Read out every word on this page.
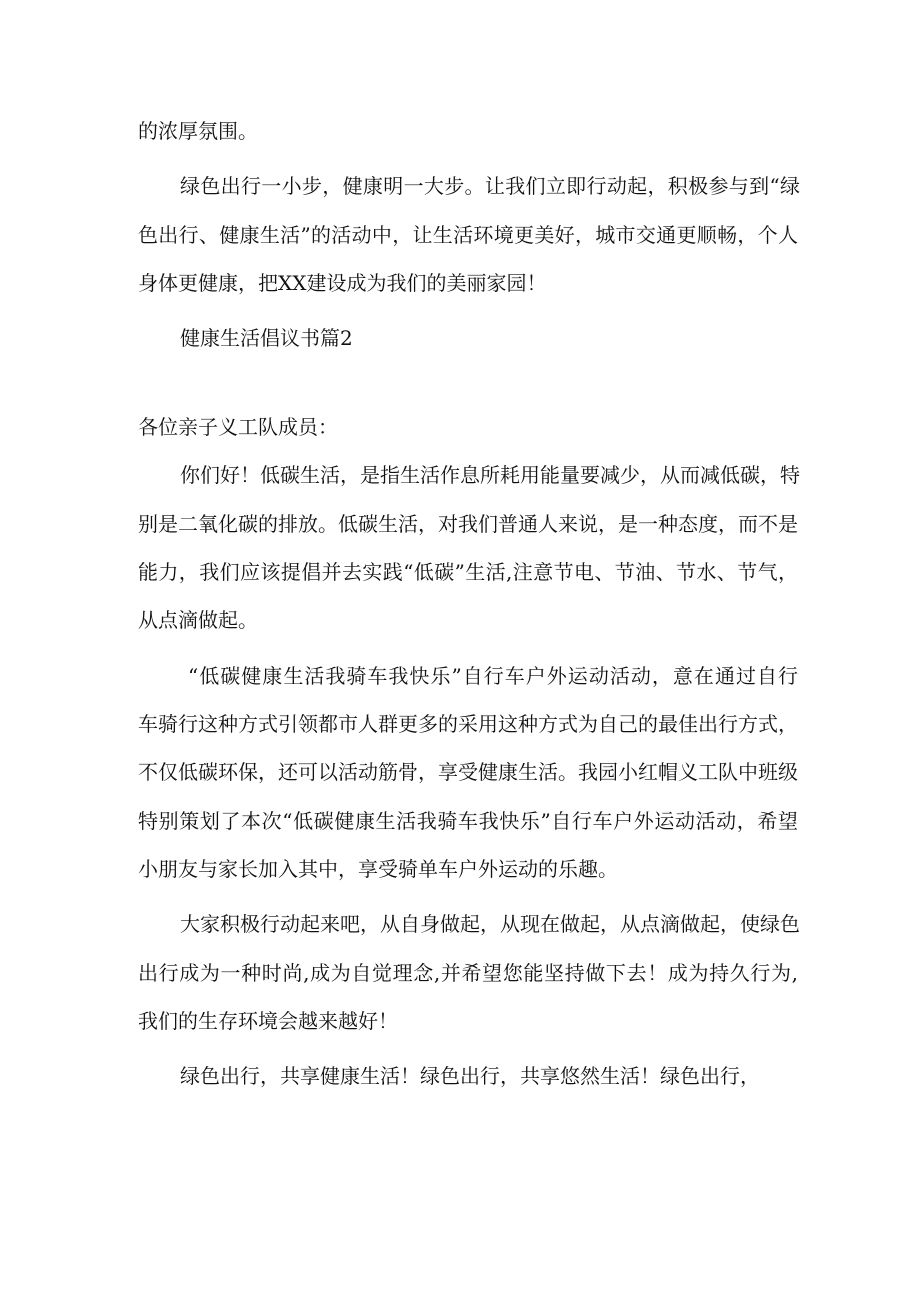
的浓厚氛围。
绿色出行一小步，健康明一大步。让我们立即行动起，积极参与到“绿
色出行、健康生活”的活动中，让生活环境更美好，城市交通更顺畅，个人
身体更健康，把XX建设成为我们的美丽家园！
健康生活倡议书篇2
各位亲子义工队成员：
你们好！低碳生活，是指生活作息所耗用能量要减少，从而减低碳，特
别是二氧化碳的排放。低碳生活，对我们普通人来说，是一种态度，而不是
能力，我们应该提倡并去实践“低碳”生活,注意节电、节油、节水、节气，
从点滴做起。
“低碳健康生活我骑车我快乐”自行车户外运动活动，意在通过自行
车骑行这种方式引领都市人群更多的采用这种方式为自己的最佳出行方式，
不仅低碳环保，还可以活动筋骨，享受健康生活。我园小红帽义工队中班级
特别策划了本次“低碳健康生活我骑车我快乐”自行车户外运动活动，希望
小朋友与家长加入其中，享受骑单车户外运动的乐趣。
大家积极行动起来吧，从自身做起，从现在做起，从点滴做起，使绿色
出行成为一种时尚,成为自觉理念,并希望您能坚持做下去！成为持久行为,
我们的生存环境会越来越好！
绿色出行，共享健康生活！绿色出行，共享悠然生活！绿色出行，
